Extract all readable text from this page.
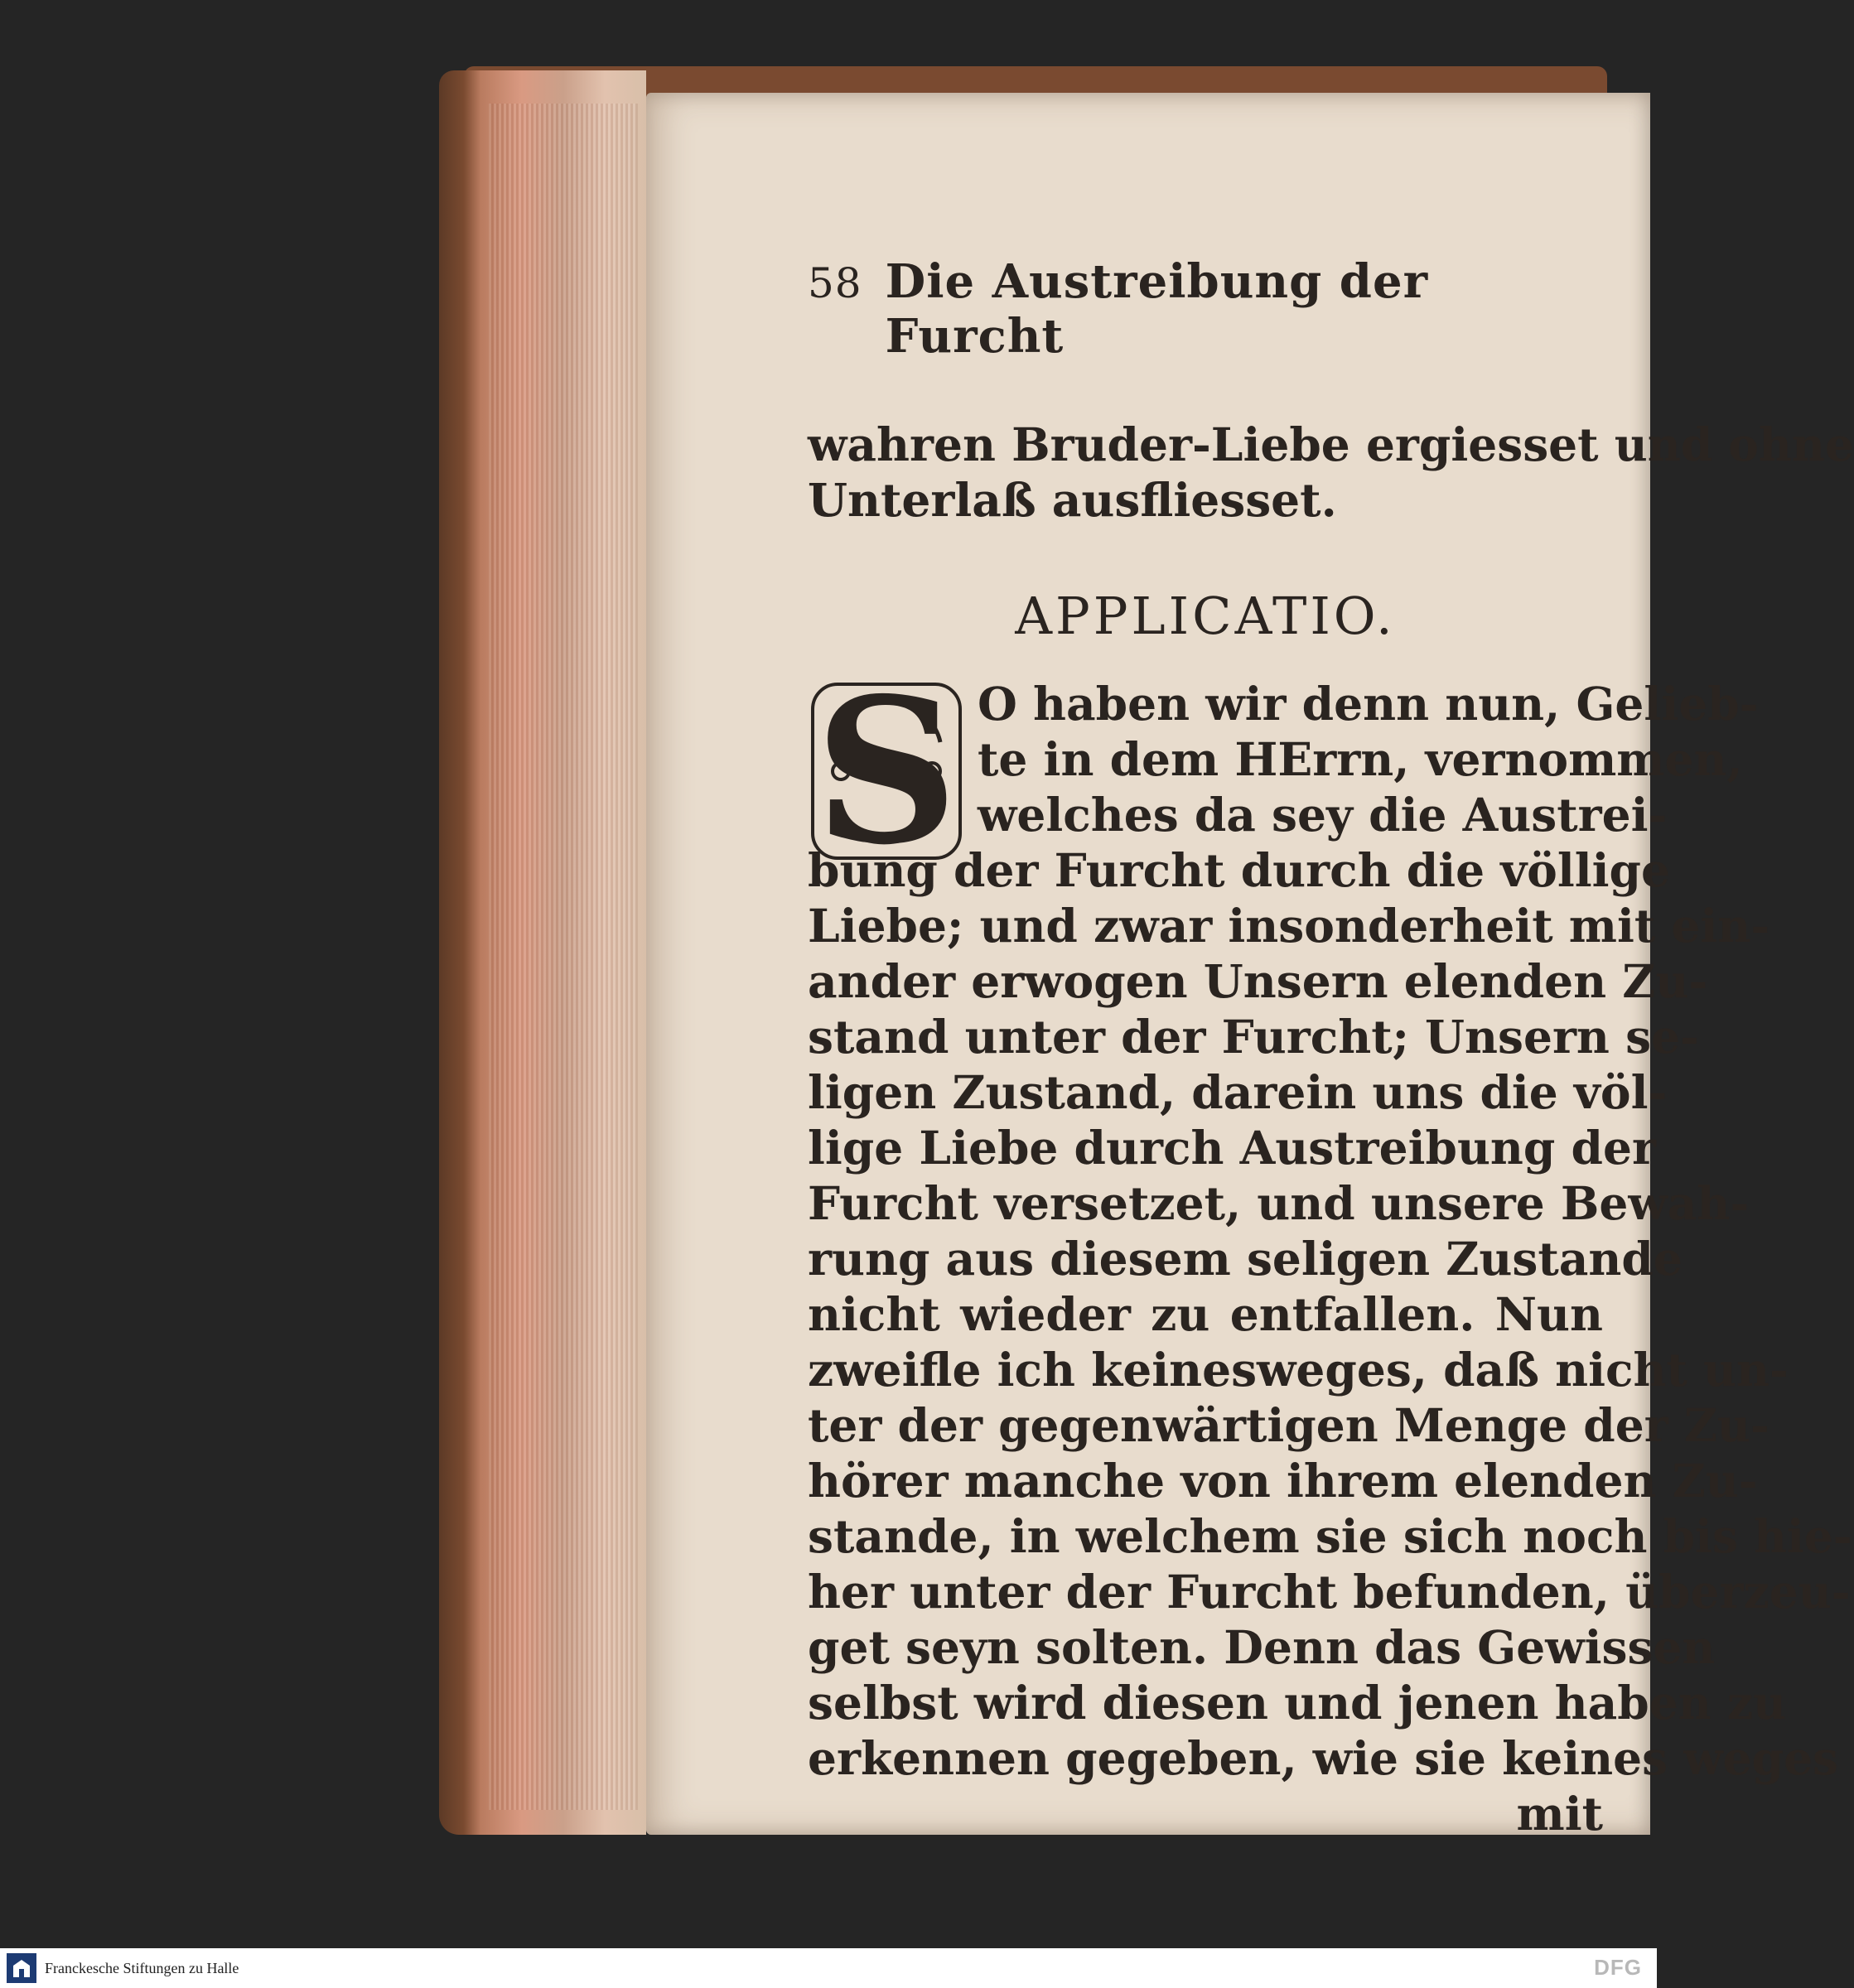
58 Die Austreibung der Furcht
wahren Bruder-Liebe ergiesset und ohne
Unterlaß ausfliesset.
APPLICATIO.
S O haben wir denn nun, Gelieb-
te in dem HErrn, vernommen,
welches da sey die Austrei-
bung der Furcht durch die völlige
Liebe; und zwar insonderheit mit ein-
ander erwogen Unsern elenden Zu-
stand unter der Furcht; Unsern se-
ligen Zustand, darein uns die völ-
lige Liebe durch Austreibung der
Furcht versetzet, und unsere Bewah-
rung aus diesem seligen Zustande
nicht wieder zu entfallen. Nun
zweifle ich keinesweges, daß nicht un-
ter der gegenwärtigen Menge der Zu-
hörer manche von ihrem elenden Zu-
stande, in welchem sie sich noch bis hie-
her unter der Furcht befunden, überzeu-
get seyn solten. Denn das Gewissen
selbst wird diesen und jenen haben zu
erkennen gegeben, wie sie keines weges
mit
Franckesche Stiftungen zu Halle	DFG
